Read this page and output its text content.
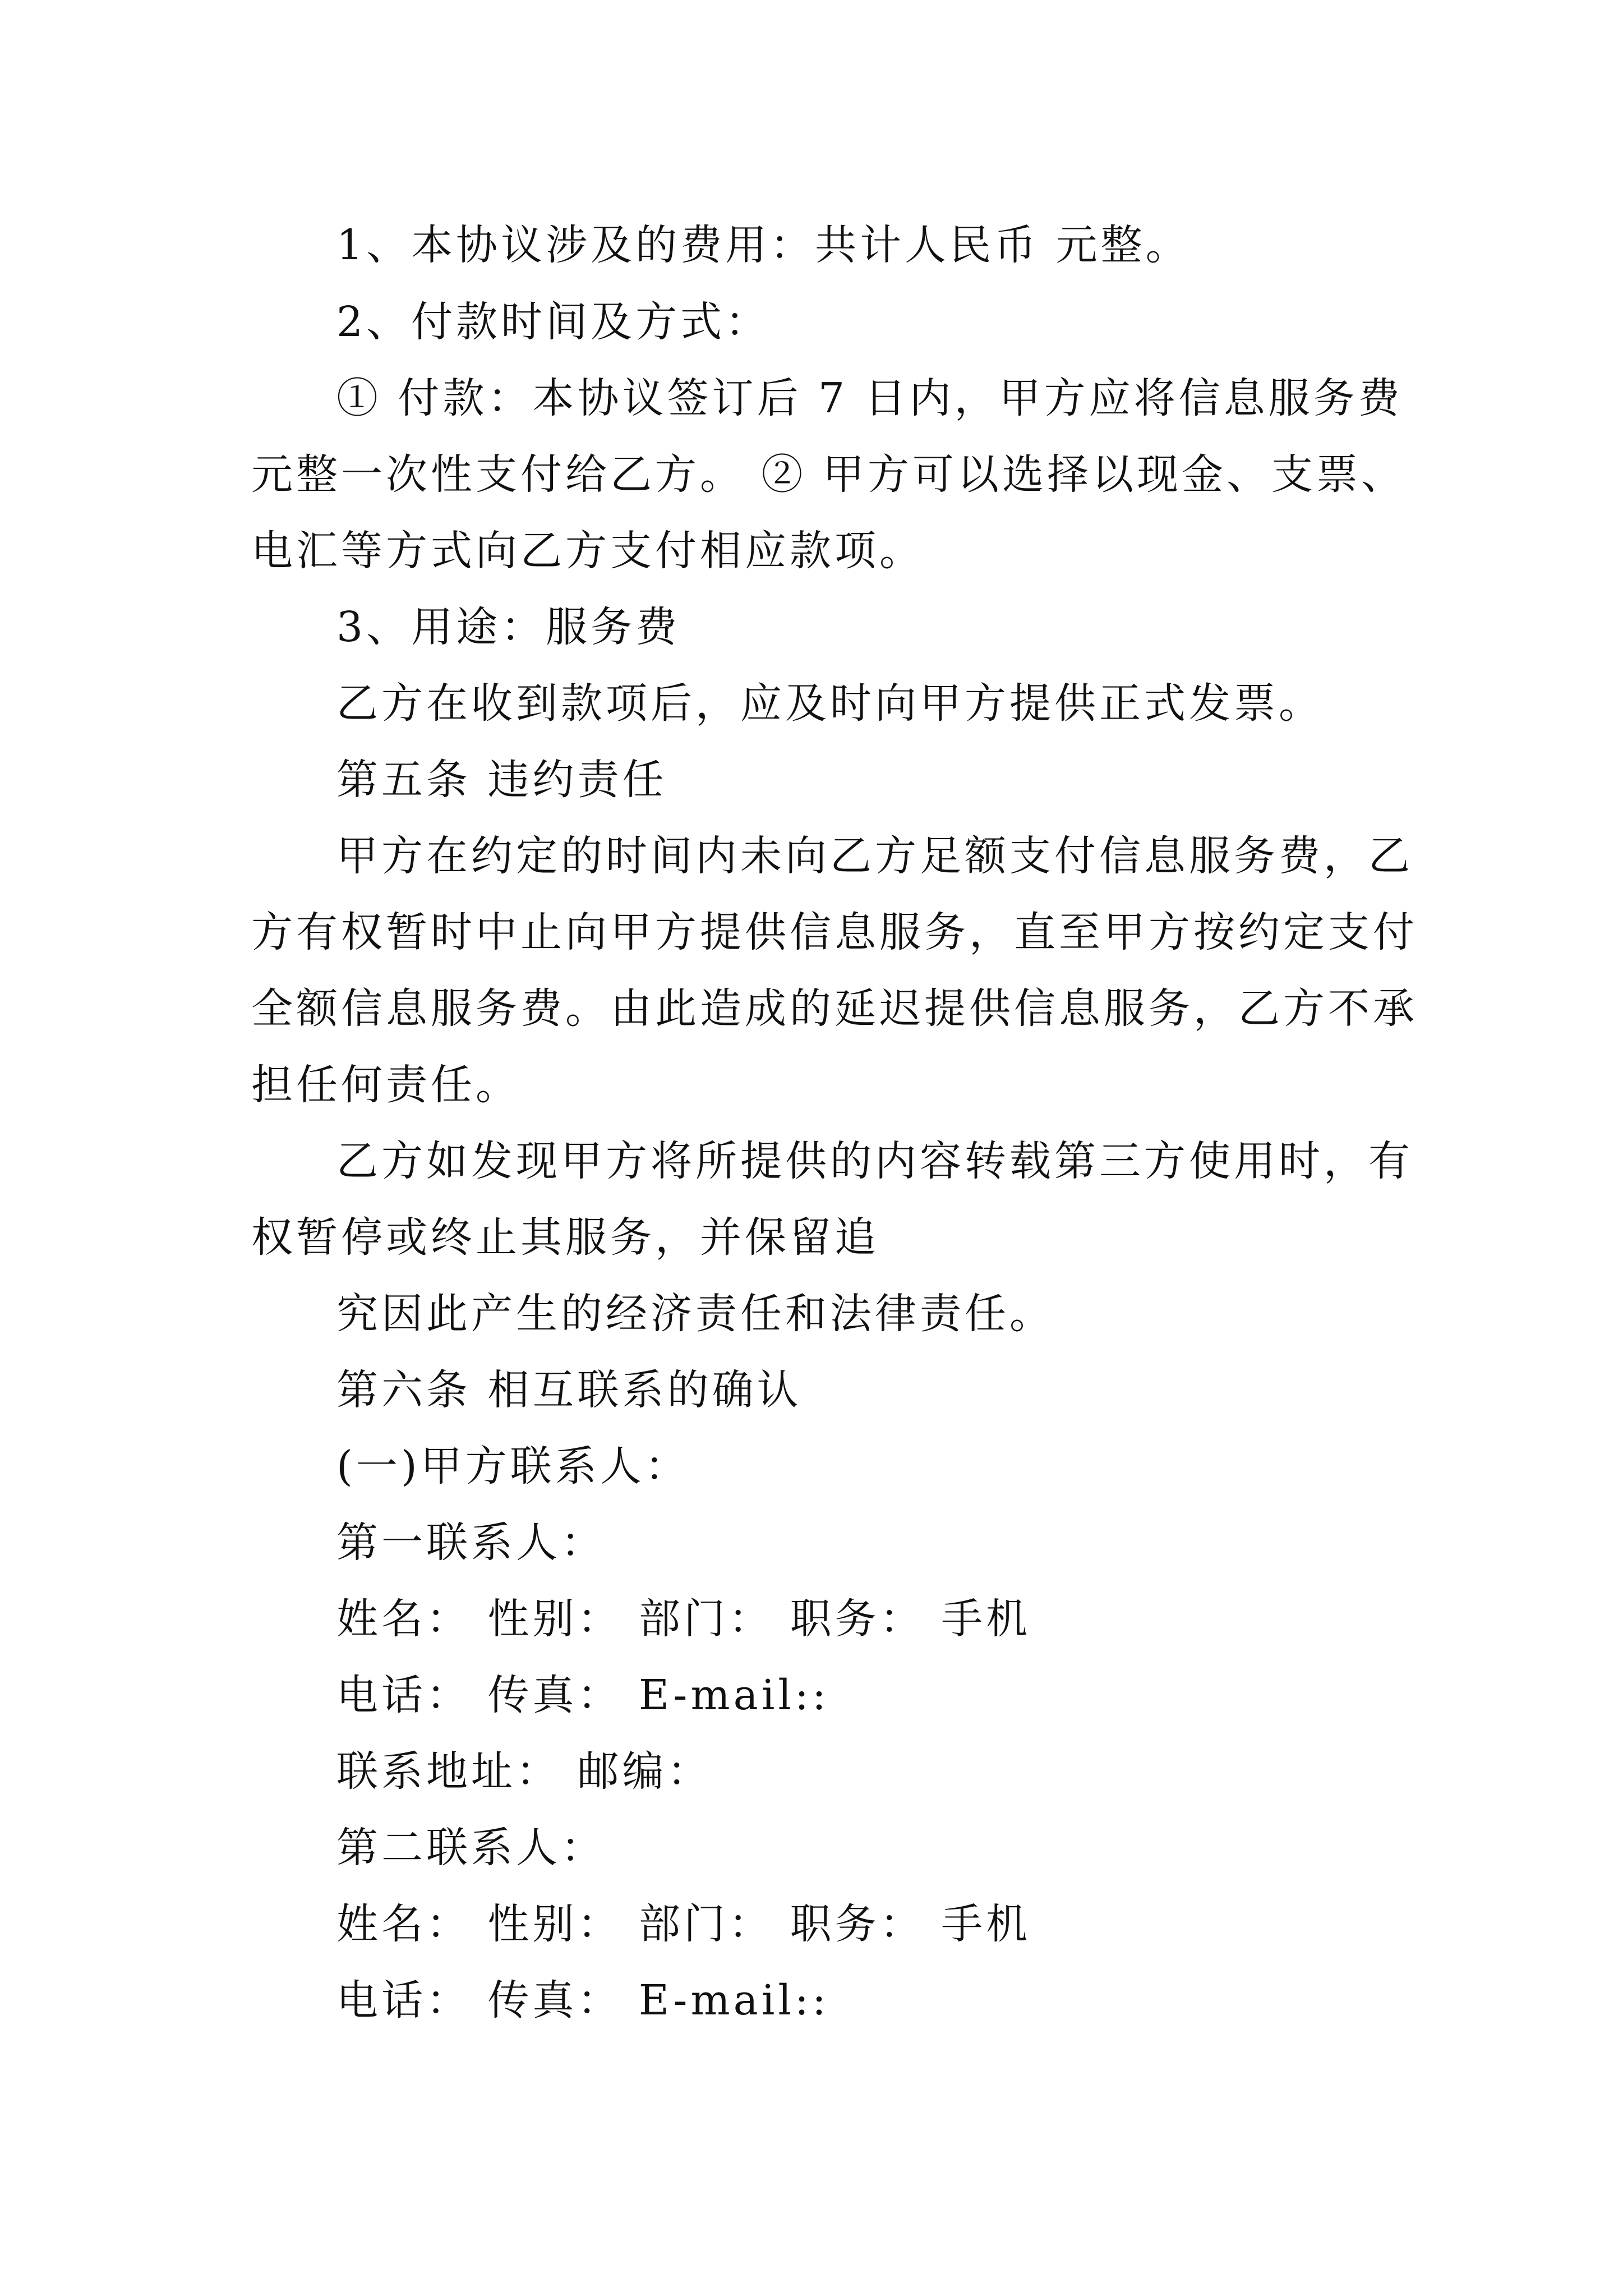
1、本协议涉及的费用：共计人民币 元整。
2、付款时间及方式：
① 付款：本协议签订后 7 日内，甲方应将信息服务费
元整一次性支付给乙方。 ② 甲方可以选择以现金、支票、
电汇等方式向乙方支付相应款项。
3、用途：服务费
乙方在收到款项后，应及时向甲方提供正式发票。
第五条 违约责任
甲方在约定的时间内未向乙方足额支付信息服务费，乙
方有权暂时中止向甲方提供信息服务，直至甲方按约定支付
全额信息服务费。由此造成的延迟提供信息服务，乙方不承
担任何责任。
乙方如发现甲方将所提供的内容转载第三方使用时，有
权暂停或终止其服务，并保留追
究因此产生的经济责任和法律责任。
第六条 相互联系的确认
(一)甲方联系人：
第一联系人：
姓名： 性别： 部门： 职务： 手机
电话： 传真： E-mail::
联系地址： 邮编：
第二联系人：
姓名： 性别： 部门： 职务： 手机
电话： 传真： E-mail::
